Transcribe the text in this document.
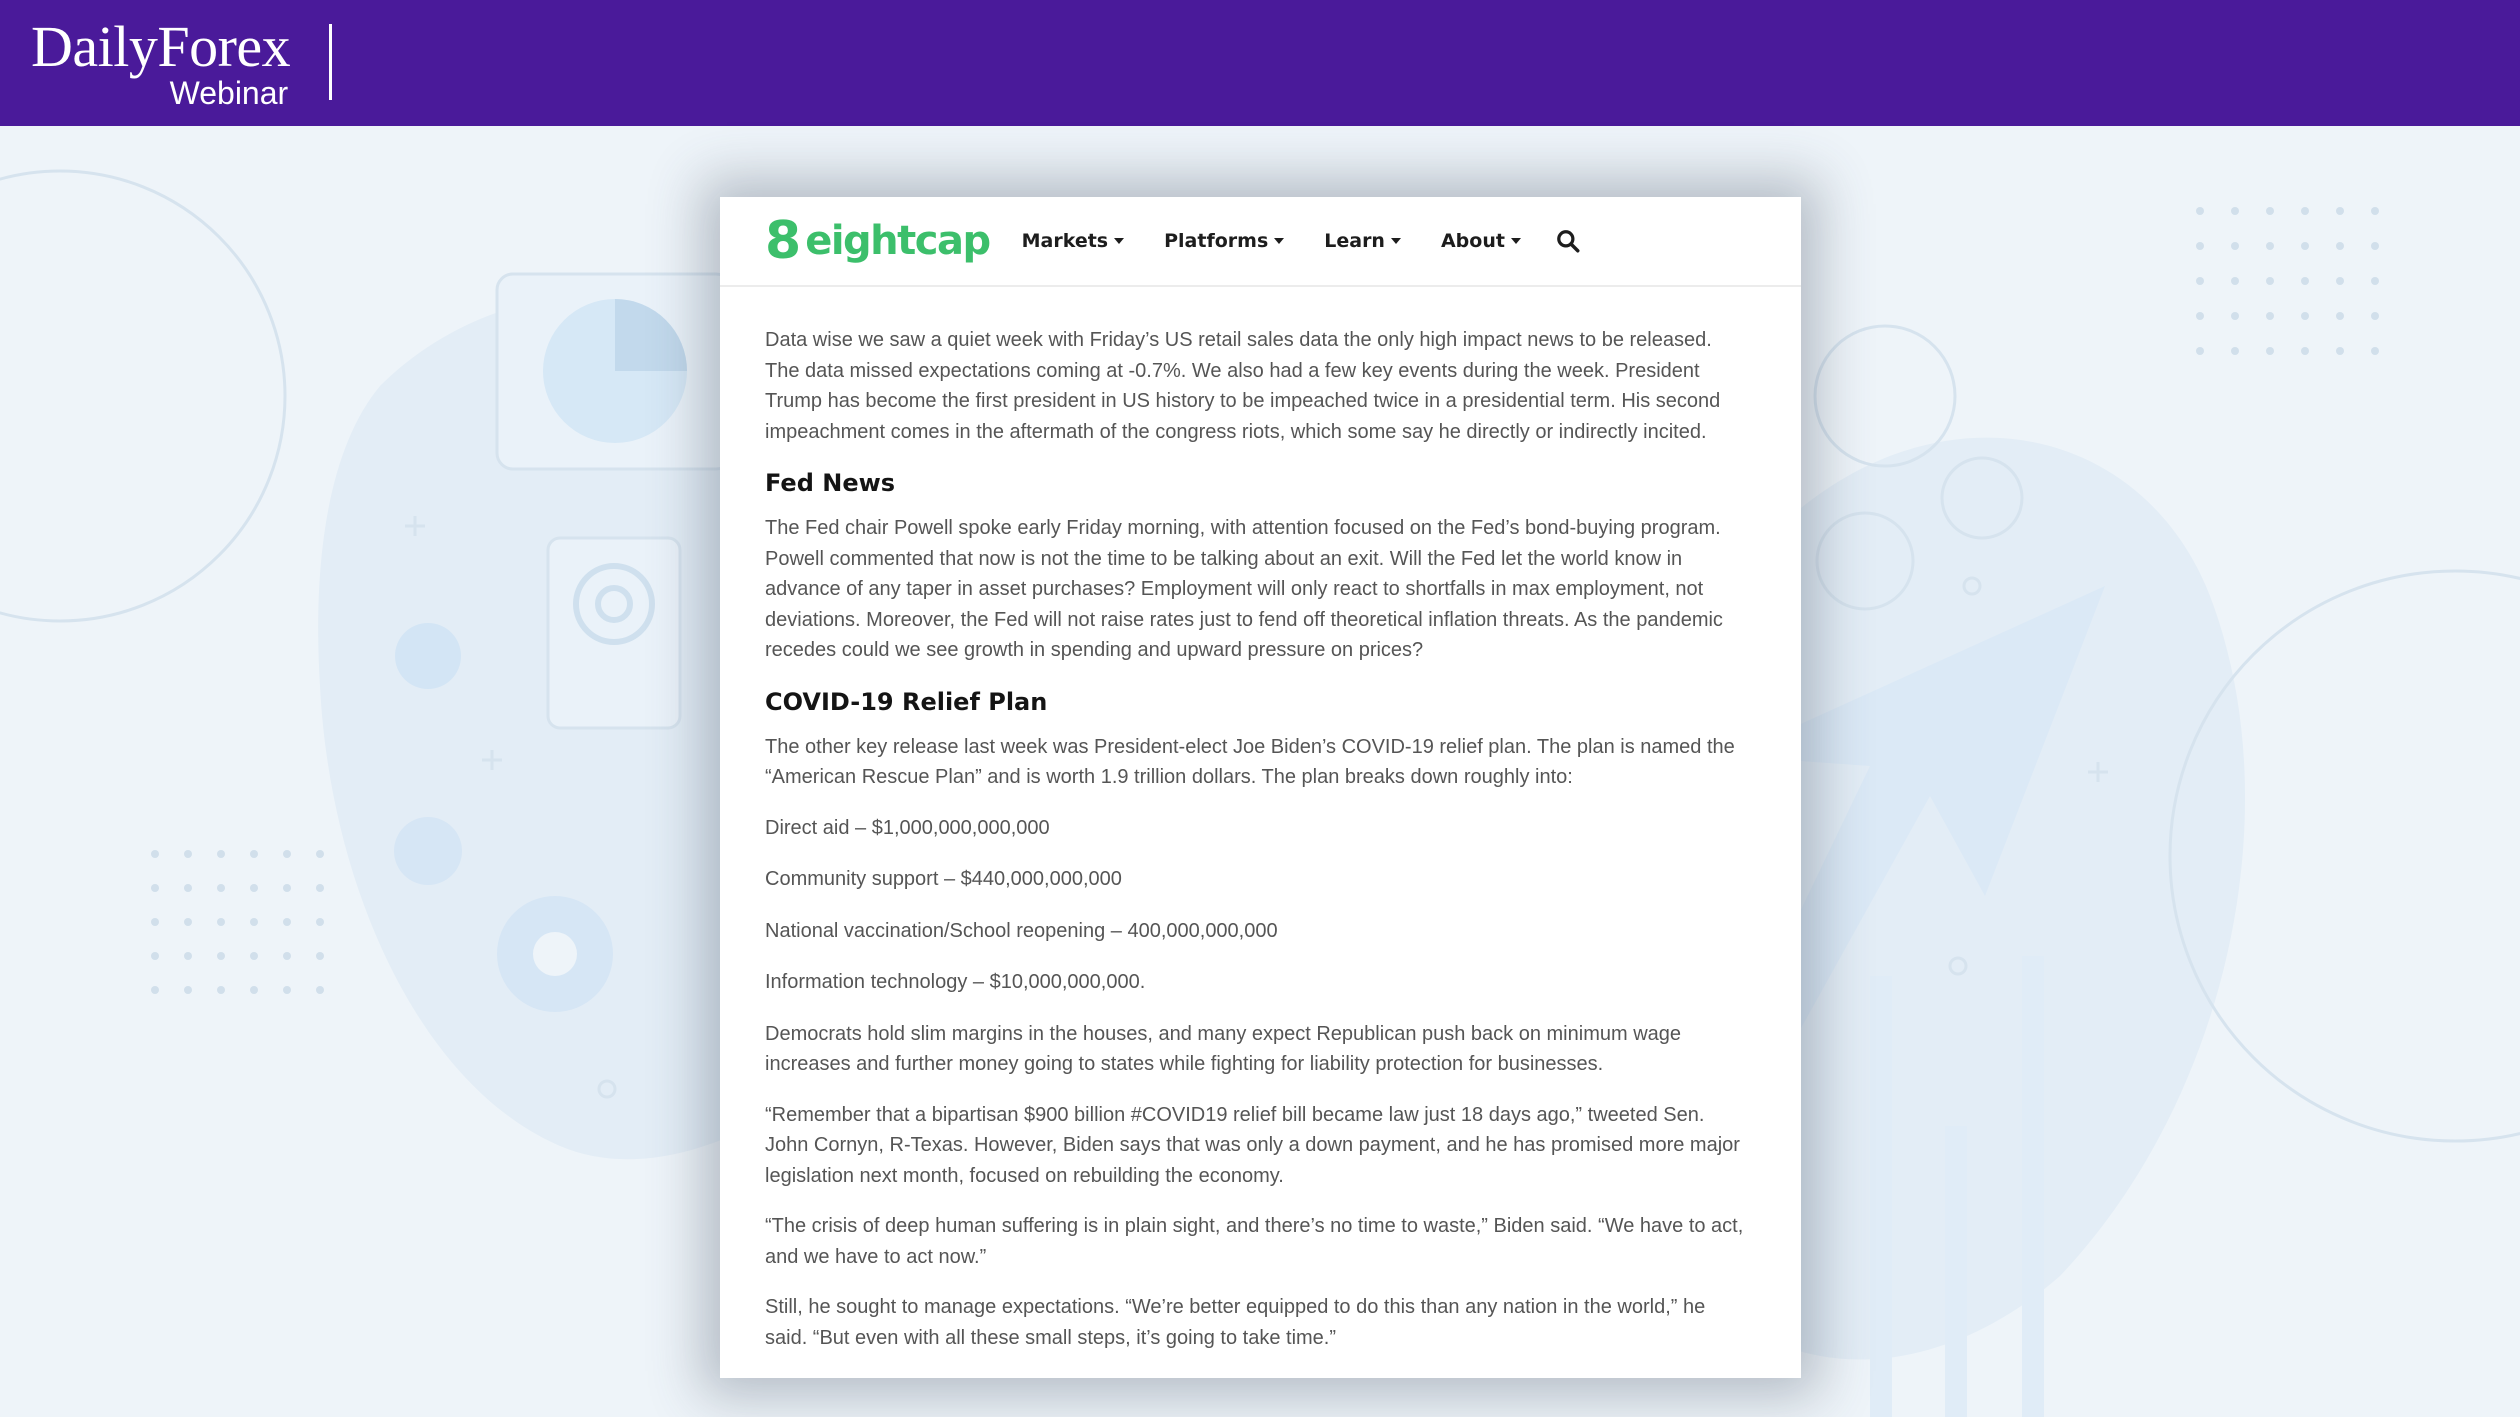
DailyForex
Webinar
8 eightcap Markets	Platforms	Learn	About

Data wise we saw a quiet week with Friday’s US retail sales data the only high impact news to be released. The data missed expectations coming at -0.7%. We also had a few key events during the week. President Trump has become the first president in US history to be impeached twice in a presidential term. His second impeachment comes in the aftermath of the congress riots, which some say he directly or indirectly incited.

Fed News

The Fed chair Powell spoke early Friday morning, with attention focused on the Fed’s bond-buying program. Powell commented that now is not the time to be talking about an exit. Will the Fed let the world know in advance of any taper in asset purchases? Employment will only react to shortfalls in max employment, not deviations. Moreover, the Fed will not raise rates just to fend off theoretical inflation threats. As the pandemic recedes could we see growth in spending and upward pressure on prices?

COVID-19 Relief Plan

The other key release last week was President-elect Joe Biden’s COVID-19 relief plan. The plan is named the “American Rescue Plan” and is worth 1.9 trillion dollars. The plan breaks down roughly into:

Direct aid – $1,000,000,000,000

Community support – $440,000,000,000

National vaccination/School reopening – 400,000,000,000

Information technology – $10,000,000,000.

Democrats hold slim margins in the houses, and many expect Republican push back on minimum wage increases and further money going to states while fighting for liability protection for businesses.

“Remember that a bipartisan $900 billion #COVID19 relief bill became law just 18 days ago,” tweeted Sen. John Cornyn, R-Texas. However, Biden says that was only a down payment, and he has promised more major legislation next month, focused on rebuilding the economy.

“The crisis of deep human suffering is in plain sight, and there’s no time to waste,” Biden said. “We have to act, and we have to act now.”

Still, he sought to manage expectations. “We’re better equipped to do this than any nation in the world,” he said. “But even with all these small steps, it’s going to take time.”
